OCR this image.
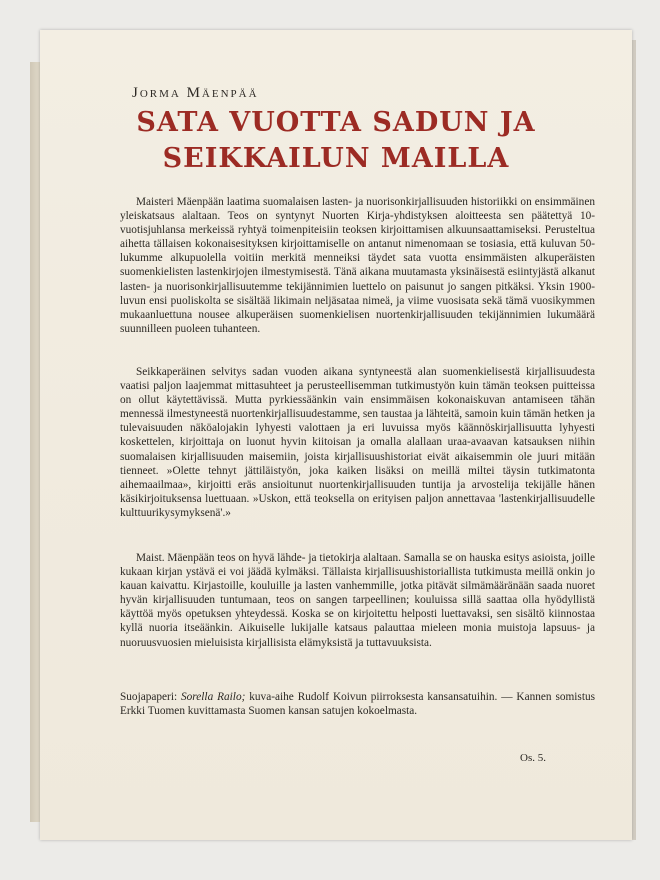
Jorma Mäenpää
SATA VUOTTA SADUN JA
SEIKKAILUN MAILLA
Maisteri Mäenpään laatima suomalaisen lasten- ja nuorisonkirjallisuuden historiikki on ensimmäinen yleiskatsaus alaltaan. Teos on syntynyt Nuorten Kirja-yhdistyksen aloitteesta sen päätettyä 10-vuotisjuhlansa merkeissä ryhtyä toimenpiteisiin teoksen kirjoittamisen alkuunsaattamiseksi. Perusteltua aihetta tällaisen kokonaisesityksen kirjoittamiselle on antanut nimenomaan se tosiasia, että kuluvan 50-lukumme alkupuolella voitiin merkitä menneiksi täydet sata vuotta ensimmäisten alkuperäisten suomenkielisten lastenkirjojen ilmestymisestä. Tänä aikana muutamasta yksinäisestä esiintyjästä alkanut lasten- ja nuorisonkirjallisuutemme tekijännimien luettelo on paisunut jo sangen pitkäksi. Yksin 1900-luvun ensi puoliskolta se sisältää likimain neljäsataa nimeä, ja viime vuosisata sekä tämä vuosikymmen mukaanluettuna nousee alkuperäisen suomenkielisen nuortenkirjallisuuden tekijännimien lukumäärä suunnilleen puoleen tuhanteen.
Seikkaperäinen selvitys sadan vuoden aikana syntyneestä alan suomenkielisestä kirjallisuudesta vaatisi paljon laajemmat mittasuhteet ja perusteellisemman tutkimustyön kuin tämän teoksen puitteissa on ollut käytettävissä. Mutta pyrkiessäänkin vain ensimmäisen kokonaiskuvan antamiseen tähän mennessä ilmestyneestä nuortenkirjallisuudestamme, sen taustaa ja lähteitä, samoin kuin tämän hetken ja tulevaisuuden näköalojakin lyhyesti valottaen ja eri luvuissa myös käännöskirjallisuutta lyhyesti koskettelen, kirjoittaja on luonut hyvin kiitoisan ja omalla alallaan uraa-avaavan katsauksen niihin suomalaisen kirjallisuuden maisemiin, joista kirjallisuushistoriat eivät aikaisemmin ole juuri mitään tienneet. »Olette tehnyt jättiläistyön, joka kaiken lisäksi on meillä miltei täysin tutkimatonta aihemaailmaa», kirjoitti eräs ansioitunut nuortenkirjallisuuden tuntija ja arvostelija tekijälle hänen käsikirjoituksensa luettuaan. »Uskon, että teoksella on erityisen paljon annettavaa 'lastenkirjallisuudelle kulttuurikysymyksenä'.»
Maist. Mäenpään teos on hyvä lähde- ja tietokirja alaltaan. Samalla se on hauska esitys asioista, joille kukaan kirjan ystävä ei voi jäädä kylmäksi. Tällaista kirjallisuushistoriallista tutkimusta meillä onkin jo kauan kaivattu. Kirjastoille, kouluille ja lasten vanhemmille, jotka pitävät silmämääränään saada nuoret hyvän kirjallisuuden tuntumaan, teos on sangen tarpeellinen; kouluissa sillä saattaa olla hyödyllistä käyttöä myös opetuksen yhteydessä. Koska se on kirjoitettu helposti luettavaksi, sen sisältö kiinnostaa kyllä nuoria itseäänkin. Aikuiselle lukijalle katsaus palauttaa mieleen monia muistoja lapsuus- ja nuoruusvuosien mieluisista kirjallisista elämyksistä ja tuttavuuksista.
Suojapaperi: Sorella Railo; kuva-aihe Rudolf Koivun piirroksesta kansansatuihin. — Kannen somistus Erkki Tuomen kuvittamasta Suomen kansan satujen kokoelmasta.
Os. 5.
